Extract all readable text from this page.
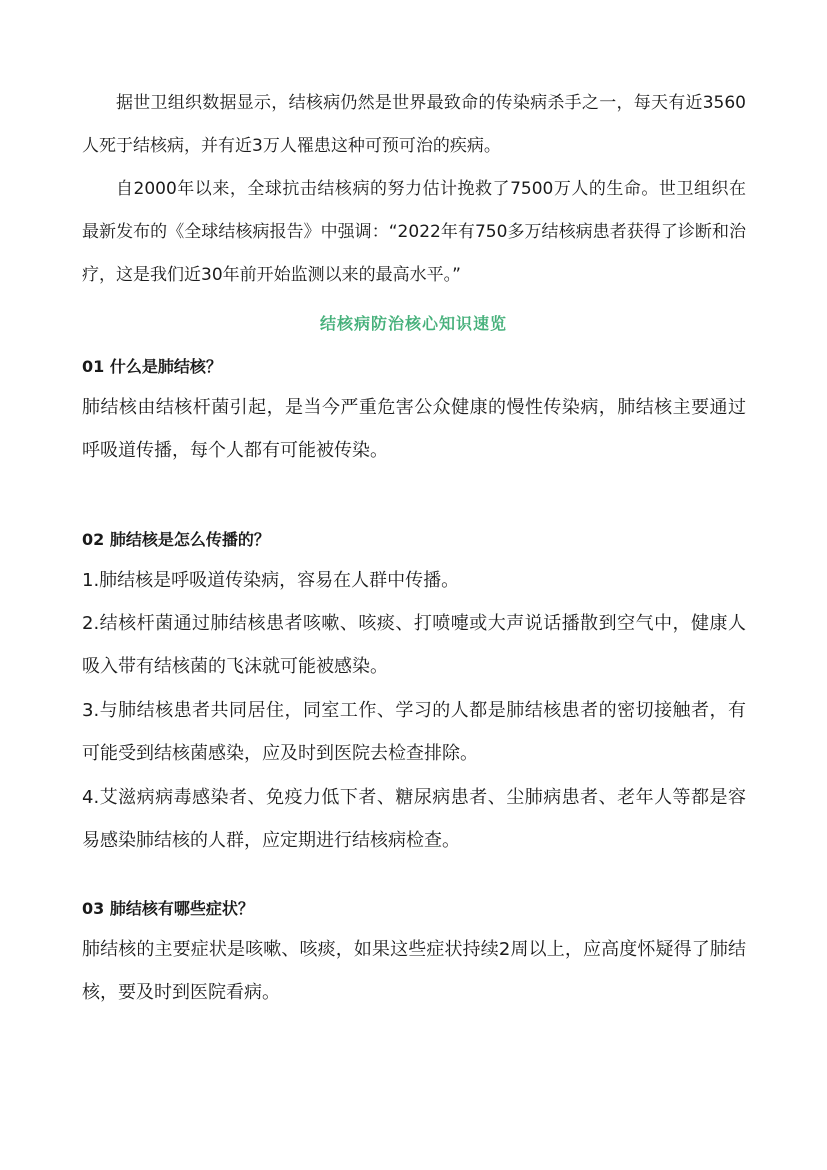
据世卫组织数据显示，结核病仍然是世界最致命的传染病杀手之一，每天有近3560人死于结核病，并有近3万人罹患这种可预可治的疾病。

自2000年以来，全球抗击结核病的努力估计挽救了7500万人的生命。世卫组织在最新发布的《全球结核病报告》中强调：“2022年有750多万结核病患者获得了诊断和治疗，这是我们近30年前开始监测以来的最高水平。”

结核病防治核心知识速览
01 什么是肺结核？

肺结核由结核杆菌引起，是当今严重危害公众健康的慢性传染病，肺结核主要通过呼吸道传播，每个人都有可能被传染。

02 肺结核是怎么传播的？

1.肺结核是呼吸道传染病，容易在人群中传播。

2.结核杆菌通过肺结核患者咳嗽、咳痰、打喷嚏或大声说话播散到空气中，健康人吸入带有结核菌的飞沫就可能被感染。

3.与肺结核患者共同居住，同室工作、学习的人都是肺结核患者的密切接触者，有可能受到结核菌感染，应及时到医院去检查排除。

4.艾滋病病毒感染者、免疫力低下者、糖尿病患者、尘肺病患者、老年人等都是容易感染肺结核的人群，应定期进行结核病检查。

03 肺结核有哪些症状？

肺结核的主要症状是咳嗽、咳痰，如果这些症状持续2周以上，应高度怀疑得了肺结核，要及时到医院看病。
